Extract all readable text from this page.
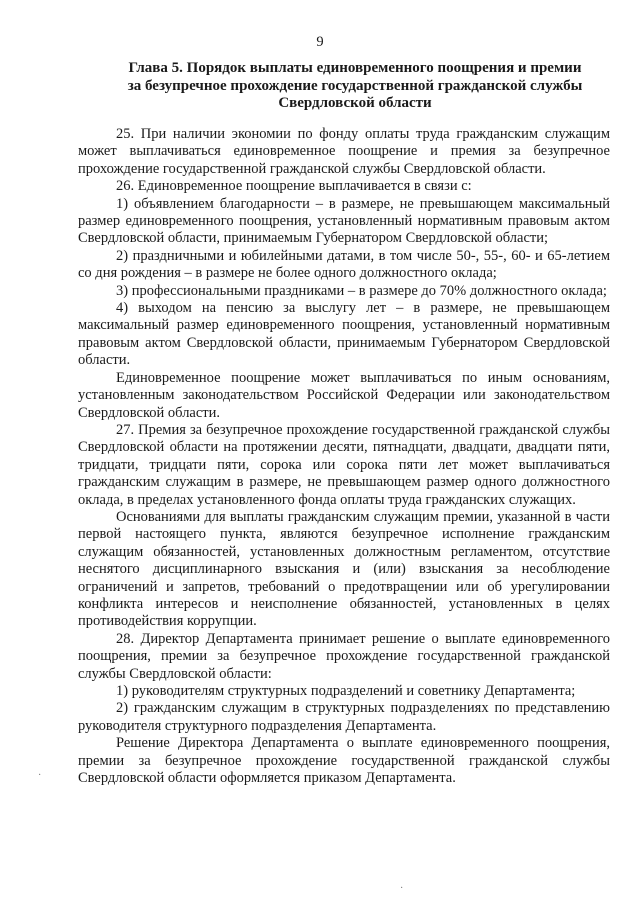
9
Глава 5. Порядок выплаты единовременного поощрения и премии
за безупречное прохождение государственной гражданской службы
Свердловской области

25. При наличии экономии по фонду оплаты труда гражданским служащим может выплачиваться единовременное поощрение и премия за безупречное прохождение государственной гражданской службы Свердловской области.

26. Единовременное поощрение выплачивается в связи с:

1) объявлением благодарности – в размере, не превышающем максимальный размер единовременного поощрения, установленный нормативным правовым актом Свердловской области, принимаемым Губернатором Свердловской области;

2) праздничными и юбилейными датами, в том числе 50-, 55-, 60- и 65-летием со дня рождения – в размере не более одного должностного оклада;

3) профессиональными праздниками – в размере до 70% должностного оклада;

4) выходом на пенсию за выслугу лет – в размере, не превышающем максимальный размер единовременного поощрения, установленный нормативным правовым актом Свердловской области, принимаемым Губернатором Свердловской области.

Единовременное поощрение может выплачиваться по иным основаниям, установленным законодательством Российской Федерации или законодательством Свердловской области.

27. Премия за безупречное прохождение государственной гражданской службы Свердловской области на протяжении десяти, пятнадцати, двадцати, двадцати пяти, тридцати, тридцати пяти, сорока или сорока пяти лет может выплачиваться гражданским служащим в размере, не превышающем размер одного должностного оклада, в пределах установленного фонда оплаты труда гражданских служащих.

Основаниями для выплаты гражданским служащим премии, указанной в части первой настоящего пункта, являются безупречное исполнение гражданским служащим обязанностей, установленных должностным регламентом, отсутствие неснятого дисциплинарного взыскания и (или) взыскания за несоблюдение ограничений и запретов, требований о предотвращении или об урегулировании конфликта интересов и неисполнение обязанностей, установленных в целях противодействия коррупции.

28. Директор Департамента принимает решение о выплате единовременного поощрения, премии за безупречное прохождение государственной гражданской службы Свердловской области:

1) руководителям структурных подразделений и советнику Департамента;

2) гражданским служащим в структурных подразделениях по представлению руководителя структурного подразделения Департамента.

Решение Директора Департамента о выплате единовременного поощрения, премии за безупречное прохождение государственной гражданской службы Свердловской области оформляется приказом Департамента.

·
·
